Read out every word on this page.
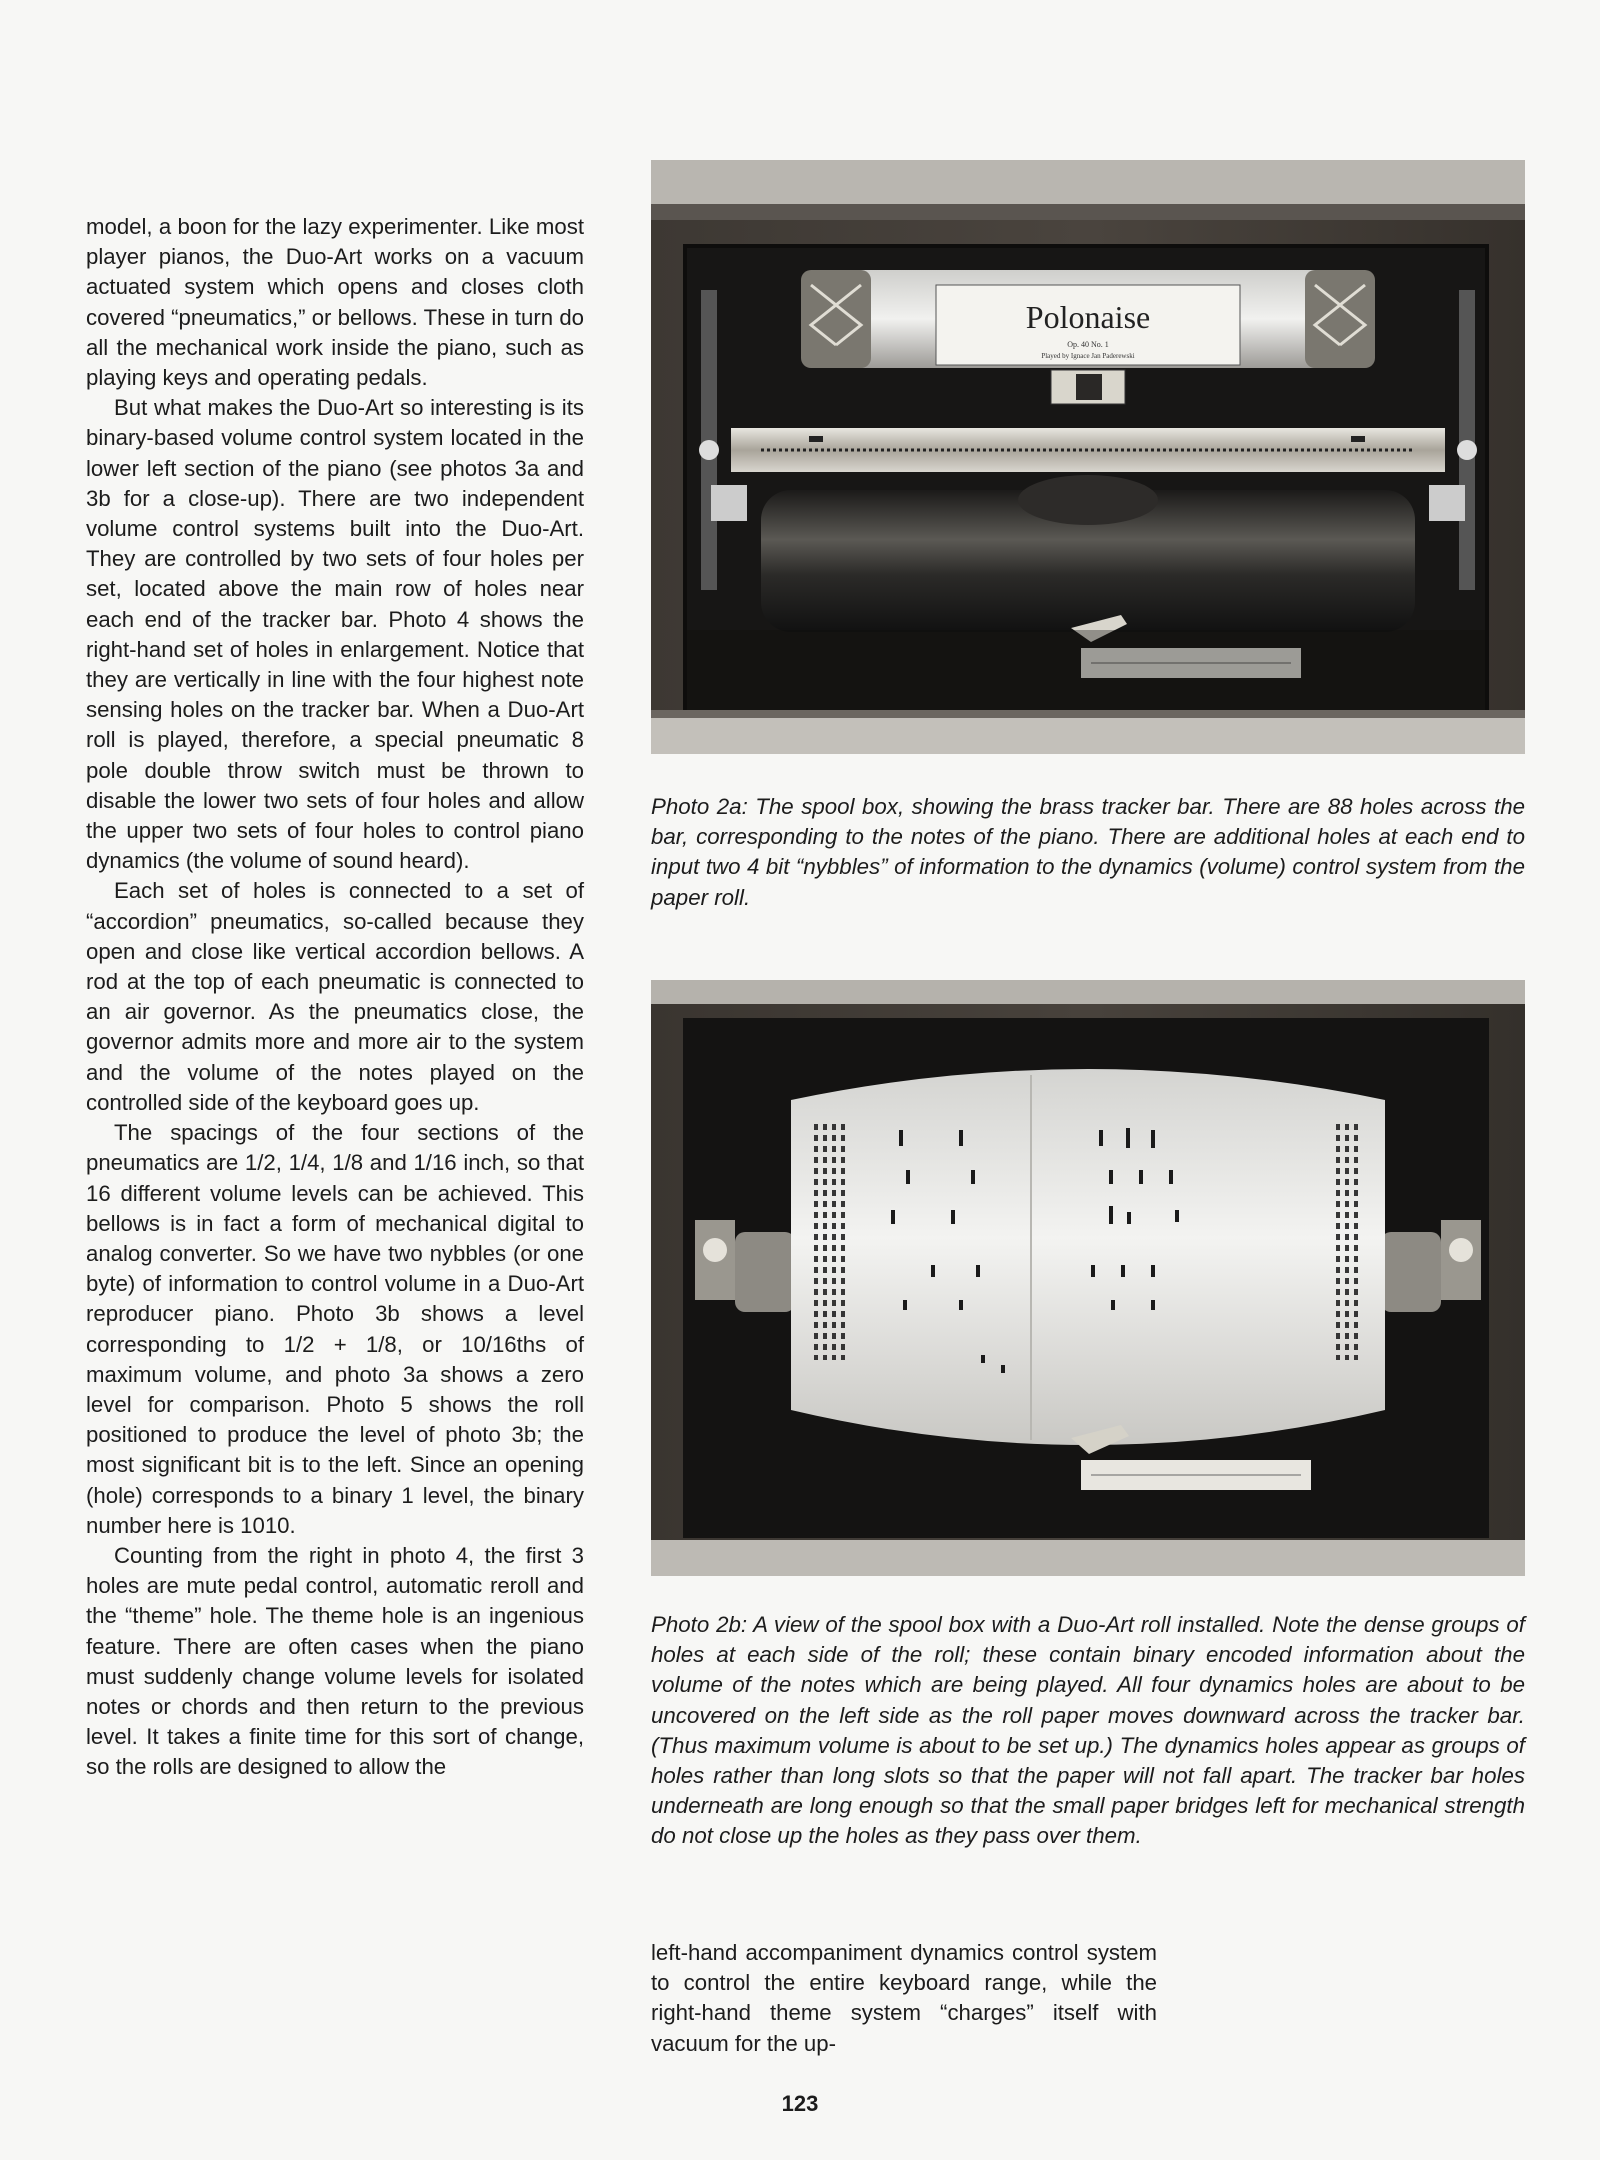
model, a boon for the lazy experimenter. Like most player pianos, the Duo-Art works on a vacuum actuated system which opens and closes cloth covered “pneumatics,” or bellows. These in turn do all the mechanical work inside the piano, such as playing keys and operating pedals.

But what makes the Duo-Art so interesting is its binary-based volume control system located in the lower left section of the piano (see photos 3a and 3b for a close-up). There are two independent volume control systems built into the Duo-Art. They are controlled by two sets of four holes per set, located above the main row of holes near each end of the tracker bar. Photo 4 shows the right-hand set of holes in enlargement. Notice that they are vertically in line with the four highest note sensing holes on the tracker bar. When a Duo-Art roll is played, therefore, a special pneumatic 8 pole double throw switch must be thrown to disable the lower two sets of four holes and allow the upper two sets of four holes to control piano dynamics (the volume of sound heard).

Each set of holes is connected to a set of “accordion” pneumatics, so-called because they open and close like vertical accordion bellows. A rod at the top of each pneumatic is connected to an air governor. As the pneumatics close, the governor admits more and more air to the system and the volume of the notes played on the controlled side of the keyboard goes up.

The spacings of the four sections of the pneumatics are 1/2, 1/4, 1/8 and 1/16 inch, so that 16 different volume levels can be achieved. This bellows is in fact a form of mechanical digital to analog converter. So we have two nybbles (or one byte) of information to control volume in a Duo-Art reproducer piano. Photo 3b shows a level corresponding to 1/2 + 1/8, or 10/16ths of maximum volume, and photo 3a shows a zero level for comparison. Photo 5 shows the roll positioned to produce the level of photo 3b; the most significant bit is to the left. Since an opening (hole) corresponds to a binary 1 level, the binary number here is 1010.

Counting from the right in photo 4, the first 3 holes are mute pedal control, automatic reroll and the “theme” hole. The theme hole is an ingenious feature. There are often cases when the piano must suddenly change volume levels for isolated notes or chords and then return to the previous level. It takes a finite time for this sort of change, so the rolls are designed to allow the

Polonaise
Op. 40 No. 1
Played by Ignace Jan Paderewski

Photo 2a: The spool box, showing the brass tracker bar. There are 88 holes across the bar, corresponding to the notes of the piano. There are additional holes at each end to input two 4 bit “nybbles” of information to the dynamics (volume) control system from the paper roll.

Photo 2b: A view of the spool box with a Duo-Art roll installed. Note the dense groups of holes at each side of the roll; these contain binary encoded information about the volume of the notes which are being played. All four dynamics holes are about to be uncovered on the left side as the roll paper moves downward across the tracker bar. (Thus maximum volume is about to be set up.) The dynamics holes appear as groups of holes rather than long slots so that the paper will not fall apart. The tracker bar holes underneath are long enough so that the small paper bridges left for mechanical strength do not close up the holes as they pass over them.

left-hand accompaniment dynamics control system to control the entire keyboard range, while the right-hand theme system “charges” itself with vacuum for the up-

123
